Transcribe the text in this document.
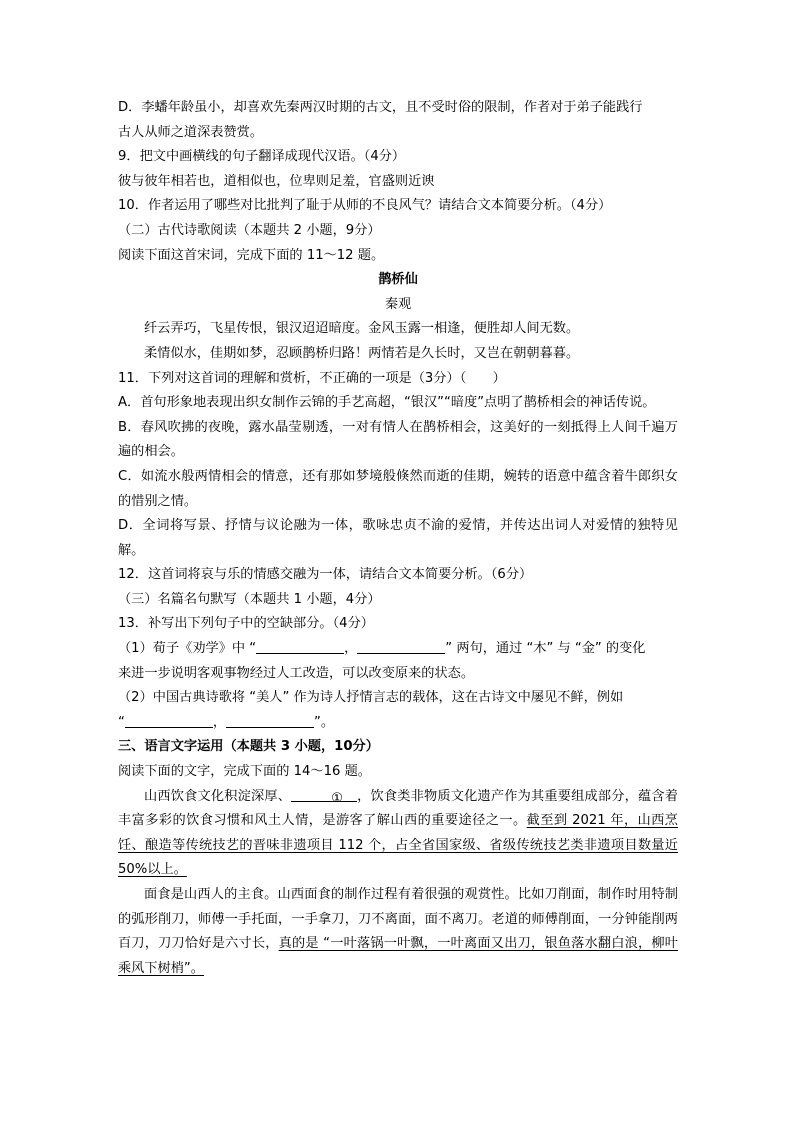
D．李蟠年龄虽小，却喜欢先秦两汉时期的古文，且不受时俗的限制，作者对于弟子能践行
古人从师之道深表赞赏。
9．把文中画横线的句子翻译成现代汉语。（4分）
彼与彼年相若也，道相似也，位卑则足羞，官盛则近谀
10．作者运用了哪些对比批判了耻于从师的不良风气？请结合文本简要分析。（4分）
（二）古代诗歌阅读（本题共 2 小题，9分）
阅读下面这首宋词，完成下面的 11～12 题。
鹊桥仙
秦观
纤云弄巧，飞星传恨，银汉迢迢暗度。金风玉露一相逢，便胜却人间无数。
柔情似水，佳期如梦，忍顾鹊桥归路！两情若是久长时，又岂在朝朝暮暮。
11．下列对这首词的理解和赏析，不正确的一项是（3分）（　　）
A．首句形象地表现出织女制作云锦的手艺高超，“银汉”“暗度”点明了鹊桥相会的神话传说。
B．春风吹拂的夜晚，露水晶莹剔透，一对有情人在鹊桥相会，这美好的一刻抵得上人间千遍万遍的相会。
C．如流水般两情相会的情意，还有那如梦境般倏然而逝的佳期，婉转的语意中蕴含着牛郎织女的惜别之情。
D．全词将写景、抒情与议论融为一体，歌咏忠贞不渝的爱情，并传达出词人对爱情的独特见解。
12．这首词将哀与乐的情感交融为一体，请结合文本简要分析。（6分）
（三）名篇名句默写（本题共 1 小题，4分）
13．补写出下列句子中的空缺部分。（4分）
（1）荀子《劝学》中 “	，	” 两句，通过 “木” 与 “金” 的变化
来进一步说明客观事物经过人工改造，可以改变原来的状态。
（2）中国古典诗歌将 “美人” 作为诗人抒情言志的载体，这在古诗文中屡见不鲜，例如
“	，	”。
三、语言文字运用（本题共 3 小题，10分）
阅读下面的文字，完成下面的 14～16 题。
山西饮食文化积淀深厚、	① ，饮食类非物质文化遗产作为其重要组成部分，蕴含着丰富多彩的饮食习惯和风土人情，是游客了解山西的重要途径之一。截至到 2021 年，山西烹饪、酿造等传统技艺的晋味非遗项目 112 个，占全省国家级、省级传统技艺类非遗项目数量近 50%以上。
面食是山西人的主食。山西面食的制作过程有着很强的观赏性。比如刀削面，制作时用特制的弧形削刀，师傅一手托面，一手拿刀，刀不离面，面不离刀。老道的师傅削面，一分钟能削两百刀，刀刀恰好是六寸长，真的是 “一叶落锅一叶飘，一叶离面又出刀，银鱼落水翻白浪，柳叶乘风下树梢”。
